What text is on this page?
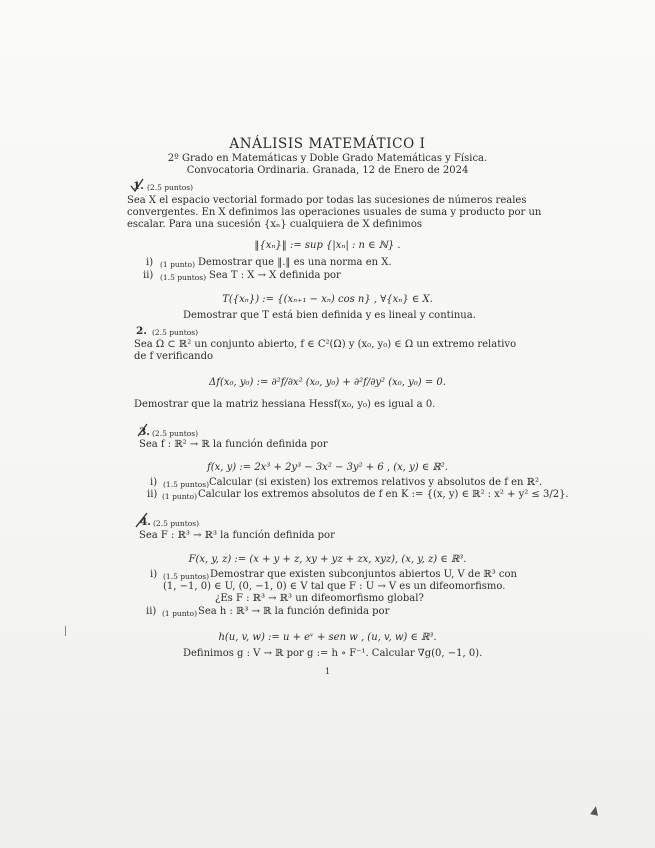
ANÁLISIS MATEMÁTICO I
2º Grado en Matemáticas y Doble Grado Matemáticas y Física.
Convocatoria Ordinaria. Granada, 12 de Enero de 2024
1. (2.5 puntos)
Sea X el espacio vectorial formado por todas las sucesiones de números reales
convergentes. En X definimos las operaciones usuales de suma y producto por un
escalar. Para una sucesión {xₙ} cualquiera de X definimos
‖{xₙ}‖ := sup {|xₙ| : n ∈ ℕ} .
i) (1 punto) Demostrar que ‖.‖ es una norma en X.
ii) (1.5 puntos) Sea T : X → X definida por
T({xₙ}) := {(xₙ₊₁ − xₙ) cos n} , ∀{xₙ} ∈ X.
Demostrar que T está bien definida y es lineal y continua.
2. (2.5 puntos)
Sea Ω ⊂ ℝ² un conjunto abierto, f ∈ C²(Ω) y (x₀, y₀) ∈ Ω un extremo relativo
de f verificando
Δf(x₀, y₀) := ∂²f/∂x² (x₀, y₀) + ∂²f/∂y² (x₀, y₀) = 0.
Demostrar que la matriz hessiana Hessf(x₀, y₀) es igual a 0.
3. (2.5 puntos)
Sea f : ℝ² → ℝ la función definida por
f(x, y) := 2x³ + 2y³ − 3x² − 3y² + 6 , (x, y) ∈ ℝ².
i) (1.5 puntos) Calcular (si existen) los extremos relativos y absolutos de f en ℝ².
ii) (1 punto) Calcular los extremos absolutos de f en K := {(x, y) ∈ ℝ² : x² + y² ≤ 3/2}.
4. (2.5 puntos)
Sea F : ℝ³ → ℝ³ la función definida por
F(x, y, z) := (x + y + z, xy + yz + zx, xyz), (x, y, z) ∈ ℝ³.
i) (1.5 puntos) Demostrar que existen subconjuntos abiertos U, V de ℝ³ con
(1, −1, 0) ∈ U, (0, −1, 0) ∈ V tal que F : U → V es un difeomorfismo.
¿Es F : ℝ³ → ℝ³ un difeomorfismo global?
ii) (1 punto) Sea h : ℝ³ → ℝ la función definida por
h(u, v, w) := u + eᵛ + sen w , (u, v, w) ∈ ℝ³.
Definimos g : V → ℝ por g := h ∘ F⁻¹. Calcular ∇g(0, −1, 0).
1
